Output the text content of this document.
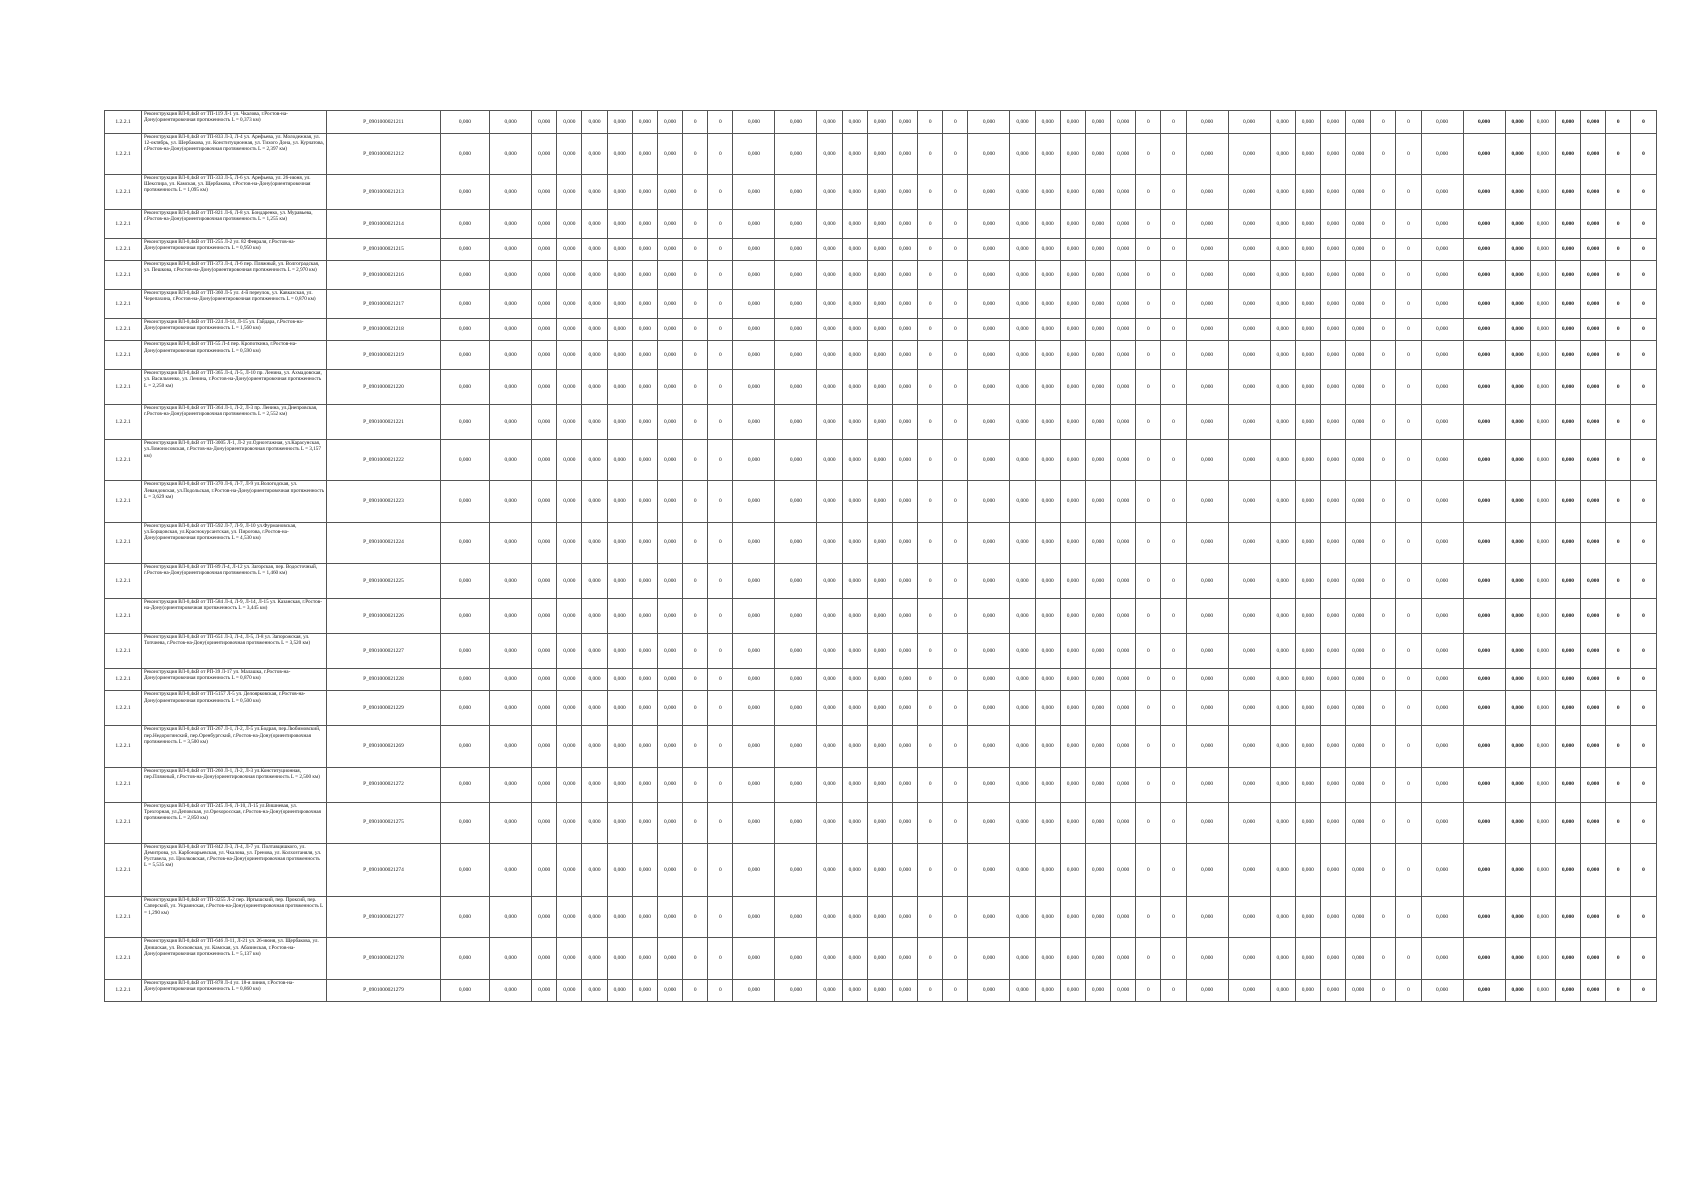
1.2.2.1	Реконструкция ВЛ-0,4кВ от ТП-119 Л-1 ул. Чкалова, г.Ростов-на-Дону(ориентировочная протяженность L = 0,373 км)	P_0901000021211	0,000	0,000	0,000	0,000	0,000	0,000	0,000	0,000	0	0	0,000	0,000	0,000	0,000	0,000	0,000	0	0	0,000	0,000	0,000	0,000	0,000	0,000	0	0	0,000	0,000	0,000	0,000	0,000	0,000	0	0	0,000	0,000	0,000	0,000	0,000	0,000	0	0
1.2.2.1	Реконструкция ВЛ-0,4кВ от ТП-833 Л-3, Л-4 ул. Арефьева, ул. Молодежная, ул. 12-октябрь, ул. Шербакова, ул. Конституционная, ул. Тихого Дона, ул. Курчатова, г.Ростов-на-Дону(ориентировочная протяженность L = 2,397 км)	P_0901000021212	0,000	0,000	0,000	0,000	0,000	0,000	0,000	0,000	0	0	0,000	0,000	0,000	0,000	0,000	0,000	0	0	0,000	0,000	0,000	0,000	0,000	0,000	0	0	0,000	0,000	0,000	0,000	0,000	0,000	0	0	0,000	0,000	0,000	0,000	0,000	0,000	0	0
1.2.2.1	Реконструкция ВЛ-0,4кВ от ТП-333 Л-5, Л-6 ул. Арефьева, ул. 26-июня, ул. Шекспира, ул. Камская, ул. Щербакова, г.Ростов-на-Дону(ориентировочная протяженность L = 1,095 км)	P_0901000021213	0,000	0,000	0,000	0,000	0,000	0,000	0,000	0,000	0	0	0,000	0,000	0,000	0,000	0,000	0,000	0	0	0,000	0,000	0,000	0,000	0,000	0,000	0	0	0,000	0,000	0,000	0,000	0,000	0,000	0	0	0,000	0,000	0,000	0,000	0,000	0,000	0	0
1.2.2.1	Реконструкция ВЛ-0,4кВ от ТП-821 Л-6, Л-8 ул. Бондаренко, ул. Муравьева, г.Ростов-на-Дону(ориентировочная протяженность L = 1,255 км)	P_0901000021214	0,000	0,000	0,000	0,000	0,000	0,000	0,000	0,000	0	0	0,000	0,000	0,000	0,000	0,000	0,000	0	0	0,000	0,000	0,000	0,000	0,000	0,000	0	0	0,000	0,000	0,000	0,000	0,000	0,000	0	0	0,000	0,000	0,000	0,000	0,000	0,000	0	0
1.2.2.1	Реконструкция ВЛ-0,4кВ от ТП-255 Л-2 ул. 82 Февраля, г.Ростов-на-Дону(ориентировочная протяженность L = 0,950 км)	P_0901000021215	0,000	0,000	0,000	0,000	0,000	0,000	0,000	0,000	0	0	0,000	0,000	0,000	0,000	0,000	0,000	0	0	0,000	0,000	0,000	0,000	0,000	0,000	0	0	0,000	0,000	0,000	0,000	0,000	0,000	0	0	0,000	0,000	0,000	0,000	0,000	0,000	0	0
1.2.2.1	Реконструкция ВЛ-0,4кВ от ТП-373 Л-4, Л-6 пер. Пляжный, ул. Волгоградская, ул. Пешкова, г.Ростов-на-Дону(ориентировочная протяженность L = 2,970 км)	P_0901000021216	0,000	0,000	0,000	0,000	0,000	0,000	0,000	0,000	0	0	0,000	0,000	0,000	0,000	0,000	0,000	0	0	0,000	0,000	0,000	0,000	0,000	0,000	0	0	0,000	0,000	0,000	0,000	0,000	0,000	0	0	0,000	0,000	0,000	0,000	0,000	0,000	0	0
1.2.2.1	Реконструкция ВЛ-0,4кВ от ТП-360 Л-5 ул. 4-й переулок, ул. Кавказская, ул. Черепахина, г.Ростов-на-Дону(ориентировочная протяженность L = 0,870 км)	P_0901000021217	0,000	0,000	0,000	0,000	0,000	0,000	0,000	0,000	0	0	0,000	0,000	0,000	0,000	0,000	0,000	0	0	0,000	0,000	0,000	0,000	0,000	0,000	0	0	0,000	0,000	0,000	0,000	0,000	0,000	0	0	0,000	0,000	0,000	0,000	0,000	0,000	0	0
1.2.2.1	Реконструкция ВЛ-0,4кВ от ТП-224 Л-14, Л-15 ул. Гайдара, г.Ростов-на-Дону(ориентировочная протяженность L = 1,560 км)	P_0901000021218	0,000	0,000	0,000	0,000	0,000	0,000	0,000	0,000	0	0	0,000	0,000	0,000	0,000	0,000	0,000	0	0	0,000	0,000	0,000	0,000	0,000	0,000	0	0	0,000	0,000	0,000	0,000	0,000	0,000	0	0	0,000	0,000	0,000	0,000	0,000	0,000	0	0
1.2.2.1	Реконструкция ВЛ-0,4кВ от ТП-55 Л-4 пер. Кропоткина, г.Ростов-на-Дону(ориентировочная протяженность L = 0,590 км)	P_0901000021219	0,000	0,000	0,000	0,000	0,000	0,000	0,000	0,000	0	0	0,000	0,000	0,000	0,000	0,000	0,000	0	0	0,000	0,000	0,000	0,000	0,000	0,000	0	0	0,000	0,000	0,000	0,000	0,000	0,000	0	0	0,000	0,000	0,000	0,000	0,000	0,000	0	0
1.2.2.1	Реконструкция ВЛ-0,4кВ от ТП-365 Л-4, Л-5, Л-10 пр. Ленина, ул. Ахмадовская, ул. Васильченко, ул. Ленина, г.Ростов-на-Дону(ориентировочная протяженность L = 2,250 км)	P_0901000021220	0,000	0,000	0,000	0,000	0,000	0,000	0,000	0,000	0	0	0,000	0,000	0,000	0,000	0,000	0,000	0	0	0,000	0,000	0,000	0,000	0,000	0,000	0	0	0,000	0,000	0,000	0,000	0,000	0,000	0	0	0,000	0,000	0,000	0,000	0,000	0,000	0	0
1.2.2.1	Реконструкция ВЛ-0,4кВ от ТП-364 Л-1, Л-2, Л-3 пр. Ленина, ул.Днепровская, г.Ростов-на-Дону(ориентировочная протяженность L = 2,552 км)	P_0901000021221	0,000	0,000	0,000	0,000	0,000	0,000	0,000	0,000	0	0	0,000	0,000	0,000	0,000	0,000	0,000	0	0	0,000	0,000	0,000	0,000	0,000	0,000	0	0	0,000	0,000	0,000	0,000	0,000	0,000	0	0	0,000	0,000	0,000	0,000	0,000	0,000	0	0
1.2.2.1	Реконструкция ВЛ-0,4кВ от ТП-3005 Л-1, Л-2 ул.Одноэтажная, ул.Карасунская, ул.Ломоносовская, г.Ростов-на-Дону(ориентировочная протяженность L = 3,157 км)	P_0901000021222	0,000	0,000	0,000	0,000	0,000	0,000	0,000	0,000	0	0	0,000	0,000	0,000	0,000	0,000	0,000	0	0	0,000	0,000	0,000	0,000	0,000	0,000	0	0	0,000	0,000	0,000	0,000	0,000	0,000	0	0	0,000	0,000	0,000	0,000	0,000	0,000	0	0
1.2.2.1	Реконструкция ВЛ-0,4кВ от ТП-370 Л-6, Л-7, Л-9 ул.Вологодская, ул. Левандовская, ул.Подольская, г.Ростов-на-Дону(ориентировочная протяженность L = 3,629 км)	P_0901000021223	0,000	0,000	0,000	0,000	0,000	0,000	0,000	0,000	0	0	0,000	0,000	0,000	0,000	0,000	0,000	0	0	0,000	0,000	0,000	0,000	0,000	0,000	0	0	0,000	0,000	0,000	0,000	0,000	0,000	0	0	0,000	0,000	0,000	0,000	0,000	0,000	0	0
1.2.2.1	Реконструкция ВЛ-0,4кВ от ТП-592 Л-7, Л-9, Л-10 ул.Фурмановская, ул.Борщовская, ул.Краснокурсантская, ул. Пирогова, г.Ростов-на-Дону(ориентировочная протяженность L = 4,530 км)	P_0901000021224	0,000	0,000	0,000	0,000	0,000	0,000	0,000	0,000	0	0	0,000	0,000	0,000	0,000	0,000	0,000	0	0	0,000	0,000	0,000	0,000	0,000	0,000	0	0	0,000	0,000	0,000	0,000	0,000	0,000	0	0	0,000	0,000	0,000	0,000	0,000	0,000	0	0
1.2.2.1	Реконструкция ВЛ-0,4кВ от ТП-89 Л-4, Л-12 ул. Загорская, пер. Водосточный, г.Ростов-на-Дону(ориентировочная протяженность L = 1,460 км)	P_0901000021225	0,000	0,000	0,000	0,000	0,000	0,000	0,000	0,000	0	0	0,000	0,000	0,000	0,000	0,000	0,000	0	0	0,000	0,000	0,000	0,000	0,000	0,000	0	0	0,000	0,000	0,000	0,000	0,000	0,000	0	0	0,000	0,000	0,000	0,000	0,000	0,000	0	0
1.2.2.1	Реконструкция ВЛ-0,4кВ от ТП-584 Л-4, Л-9, Л-14, Л-15 ул. Казанская, г.Ростов-на-Дону(ориентировочная протяженность L = 3,445 км)	P_0901000021226	0,000	0,000	0,000	0,000	0,000	0,000	0,000	0,000	0	0	0,000	0,000	0,000	0,000	0,000	0,000	0	0	0,000	0,000	0,000	0,000	0,000	0,000	0	0	0,000	0,000	0,000	0,000	0,000	0,000	0	0	0,000	0,000	0,000	0,000	0,000	0,000	0	0
1.2.2.1	Реконструкция ВЛ-0,4кВ от ТП-651 Л-3, Л-4, Л-5, Л-8 ул. Запорожская, ул. Топчиева, г.Ростов-на-Дону(ориентировочная протяженность L = 3,520 км)	P_0901000021227	0,000	0,000	0,000	0,000	0,000	0,000	0,000	0,000	0	0	0,000	0,000	0,000	0,000	0,000	0,000	0	0	0,000	0,000	0,000	0,000	0,000	0,000	0	0	0,000	0,000	0,000	0,000	0,000	0,000	0	0	0,000	0,000	0,000	0,000	0,000	0,000	0	0
1.2.2.1	Реконструкция ВЛ-0,4кВ от РП-39 Л-17 ул. Малашка, г.Ростов-на-Дону(ориентировочная протяженность L = 0,870 км)	P_0901000021228	0,000	0,000	0,000	0,000	0,000	0,000	0,000	0,000	0	0	0,000	0,000	0,000	0,000	0,000	0,000	0	0	0,000	0,000	0,000	0,000	0,000	0,000	0	0	0,000	0,000	0,000	0,000	0,000	0,000	0	0	0,000	0,000	0,000	0,000	0,000	0,000	0	0
1.2.2.1	Реконструкция ВЛ-0,4кВ от ТП-5157 Л-5 ул. Делоярковская, г.Ростов-на-Дону(ориентировочная протяженность L = 0,500 км)	P_0901000021229	0,000	0,000	0,000	0,000	0,000	0,000	0,000	0,000	0	0	0,000	0,000	0,000	0,000	0,000	0,000	0	0	0,000	0,000	0,000	0,000	0,000	0,000	0	0	0,000	0,000	0,000	0,000	0,000	0,000	0	0	0,000	0,000	0,000	0,000	0,000	0,000	0	0
1.2.2.1	Реконструкция ВЛ-0,4кВ от ТП-267 Л-1, Л-2, Л-5 ул.Бодрая, пер.Любимовский, пер.Недорогинский, пер.Оренбургский, г.Ростов-на-Дону(ориентировочная протяженность L = 3,500 км)	P_0901000021269	0,000	0,000	0,000	0,000	0,000	0,000	0,000	0,000	0	0	0,000	0,000	0,000	0,000	0,000	0,000	0	0	0,000	0,000	0,000	0,000	0,000	0,000	0	0	0,000	0,000	0,000	0,000	0,000	0,000	0	0	0,000	0,000	0,000	0,000	0,000	0,000	0	0
1.2.2.1	Реконструкция ВЛ-0,4кВ от ТП-260 Л-1, Л-2, Л-3 ул.Конституционная, пер.Пляжный, г.Ростов-на-Дону(ориентировочная протяженность L = 2,500 км)	P_0901000021272	0,000	0,000	0,000	0,000	0,000	0,000	0,000	0,000	0	0	0,000	0,000	0,000	0,000	0,000	0,000	0	0	0,000	0,000	0,000	0,000	0,000	0,000	0	0	0,000	0,000	0,000	0,000	0,000	0,000	0	0	0,000	0,000	0,000	0,000	0,000	0,000	0	0
1.2.2.1	Реконструкция ВЛ-0,4кВ от ТП-245 Л-6, Л-10, Л-15 ул.Вишневая, ул. Трехгорная, ул.Деповская, ул.Орехоросская, г.Ростов-на-Дону(ориентировочная протяженность L = 2,850 км)	P_0901000021275	0,000	0,000	0,000	0,000	0,000	0,000	0,000	0,000	0	0	0,000	0,000	0,000	0,000	0,000	0,000	0	0	0,000	0,000	0,000	0,000	0,000	0,000	0	0	0,000	0,000	0,000	0,000	0,000	0,000	0	0	0,000	0,000	0,000	0,000	0,000	0,000	0	0
1.2.2.1	Реконструкция ВЛ-0,4кВ от ТП-842 Л-3, Л-4, Л-7 ул. Полтавцишкого, ул. Демитрова, ул. Карбонарьевская, ул. Чкалова, ул. Гренова, ул. Колхозтаняля, ул. Руставела, ул. Циолковская, г.Ростов-на-Дону(ориентировочная протяженность L = 5,535 км)	P_0901000021274	0,000	0,000	0,000	0,000	0,000	0,000	0,000	0,000	0	0	0,000	0,000	0,000	0,000	0,000	0,000	0	0	0,000	0,000	0,000	0,000	0,000	0,000	0	0	0,000	0,000	0,000	0,000	0,000	0,000	0	0	0,000	0,000	0,000	0,000	0,000	0,000	0	0
1.2.2.1	Реконструкция ВЛ-0,4кВ от ТП-3255 Л-2 пер. Иртышский, пер. Проксий, пер. Саперский, ул. Украинская, г.Ростов-на-Дону(ориентировочная протяженность L = 1,290 км)	P_0901000021277	0,000	0,000	0,000	0,000	0,000	0,000	0,000	0,000	0	0	0,000	0,000	0,000	0,000	0,000	0,000	0	0	0,000	0,000	0,000	0,000	0,000	0,000	0	0	0,000	0,000	0,000	0,000	0,000	0,000	0	0	0,000	0,000	0,000	0,000	0,000	0,000	0	0
1.2.2.1	Реконструкция ВЛ-0,4кВ от ТП-646 Л-11, Л-21 ул. 26-июня, ул. Щербакова, ул. Днишская, ул. Восковская, ул. Камская, ул. Абазинская, г.Ростов-на-Дону(ориентировочная протяженность L = 5,137 км)	P_0901000021278	0,000	0,000	0,000	0,000	0,000	0,000	0,000	0,000	0	0	0,000	0,000	0,000	0,000	0,000	0,000	0	0	0,000	0,000	0,000	0,000	0,000	0,000	0	0	0,000	0,000	0,000	0,000	0,000	0,000	0	0	0,000	0,000	0,000	0,000	0,000	0,000	0	0
1.2.2.1	Реконструкция ВЛ-0,4кВ от ТП-878 Л-4 ул. 18-я линия, г.Ростов-на-Дону(ориентировочная протяженность L = 0,860 км)	P_0901000021279	0,000	0,000	0,000	0,000	0,000	0,000	0,000	0,000	0	0	0,000	0,000	0,000	0,000	0,000	0,000	0	0	0,000	0,000	0,000	0,000	0,000	0,000	0	0	0,000	0,000	0,000	0,000	0,000	0,000	0	0	0,000	0,000	0,000	0,000	0,000	0,000	0	0
